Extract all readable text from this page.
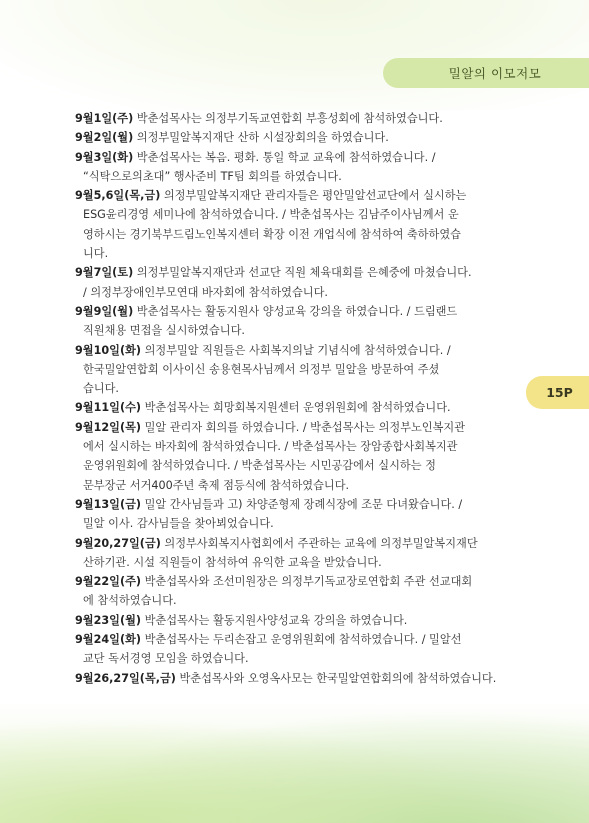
밀알의 이모저모
15P

9월1일(주) 박춘섭목사는 의정부기독교연합회 부흥성회에 참석하였습니다.

9월2일(월) 의정부밀알복지재단 산하 시설장회의을 하였습니다.

9월3일(화) 박춘섭목사는 복음. 평화. 통일 학교 교육에 참석하였습니다. /
“식탁으로의초대” 행사준비 TF팀 회의를 하였습니다.

9월5,6일(목,금) 의정부밀알복지재단 관리자들은 평안밀알선교단에서 실시하는
ESG윤리경영 세미나에 참석하였습니다. / 박춘섭목사는 김남주이사님께서 운
영하시는 경기북부드림노인복지센터 확장 이전 개업식에 참석하여 축하하였습
니다.

9월7일(토) 의정부밀알복지재단과 선교단 직원 체육대회를 은혜중에 마쳤습니다.
/ 의정부장애인부모연대 바자회에 참석하였습니다.

9월9일(월) 박춘섭목사는 활동지원사 양성교육 강의을 하였습니다. / 드림랜드
직원채용 면접을 실시하였습니다.

9월10일(화) 의정부밀알 직원들은 사회복지의날 기념식에 참석하였습니다. /
한국밀알연합회 이사이신 송용현목사님께서 의정부 밀알을 방문하여 주셨
습니다.

9월11일(수) 박춘섭목사는 희망회복지원센터 운영위원회에 참석하였습니다.

9월12일(목) 밀알 관리자 회의를 하였습니다. / 박춘섭목사는 의정부노인복지관
에서 실시하는 바자회에 참석하였습니다. / 박춘섭목사는 장암종합사회복지관
운영위원회에 참석하였습니다. / 박춘섭목사는 시민공감에서 실시하는 정
문부장군 서거400주년 축제 점등식에 참석하였습니다.

9월13일(금) 밀알 간사님들과 고) 차양준형제 장례식장에 조문 다녀왔습니다. /
밀알 이사. 감사님들을 찾아뵈었습니다.

9월20,27일(금) 의정부사회복지사협회에서 주관하는 교육에 의정부밀알복지재단
산하기관. 시설 직원들이 참석하여 유익한 교육을 받았습니다.

9월22일(주) 박춘섭목사와 조선미원장은 의정부기독교장로연합회 주관 선교대회
에 참석하였습니다.

9월23일(월) 박춘섭목사는 활동지원사양성교육 강의을 하였습니다.

9월24일(화) 박춘섭목사는 두리손잡고 운영위원회에 참석하였습니다. / 밀알선
교단 독서경영 모임을 하였습니다.

9월26,27일(목,금) 박춘섭목사와 오영옥사모는 한국밀알연합회의에 참석하였습니다.
